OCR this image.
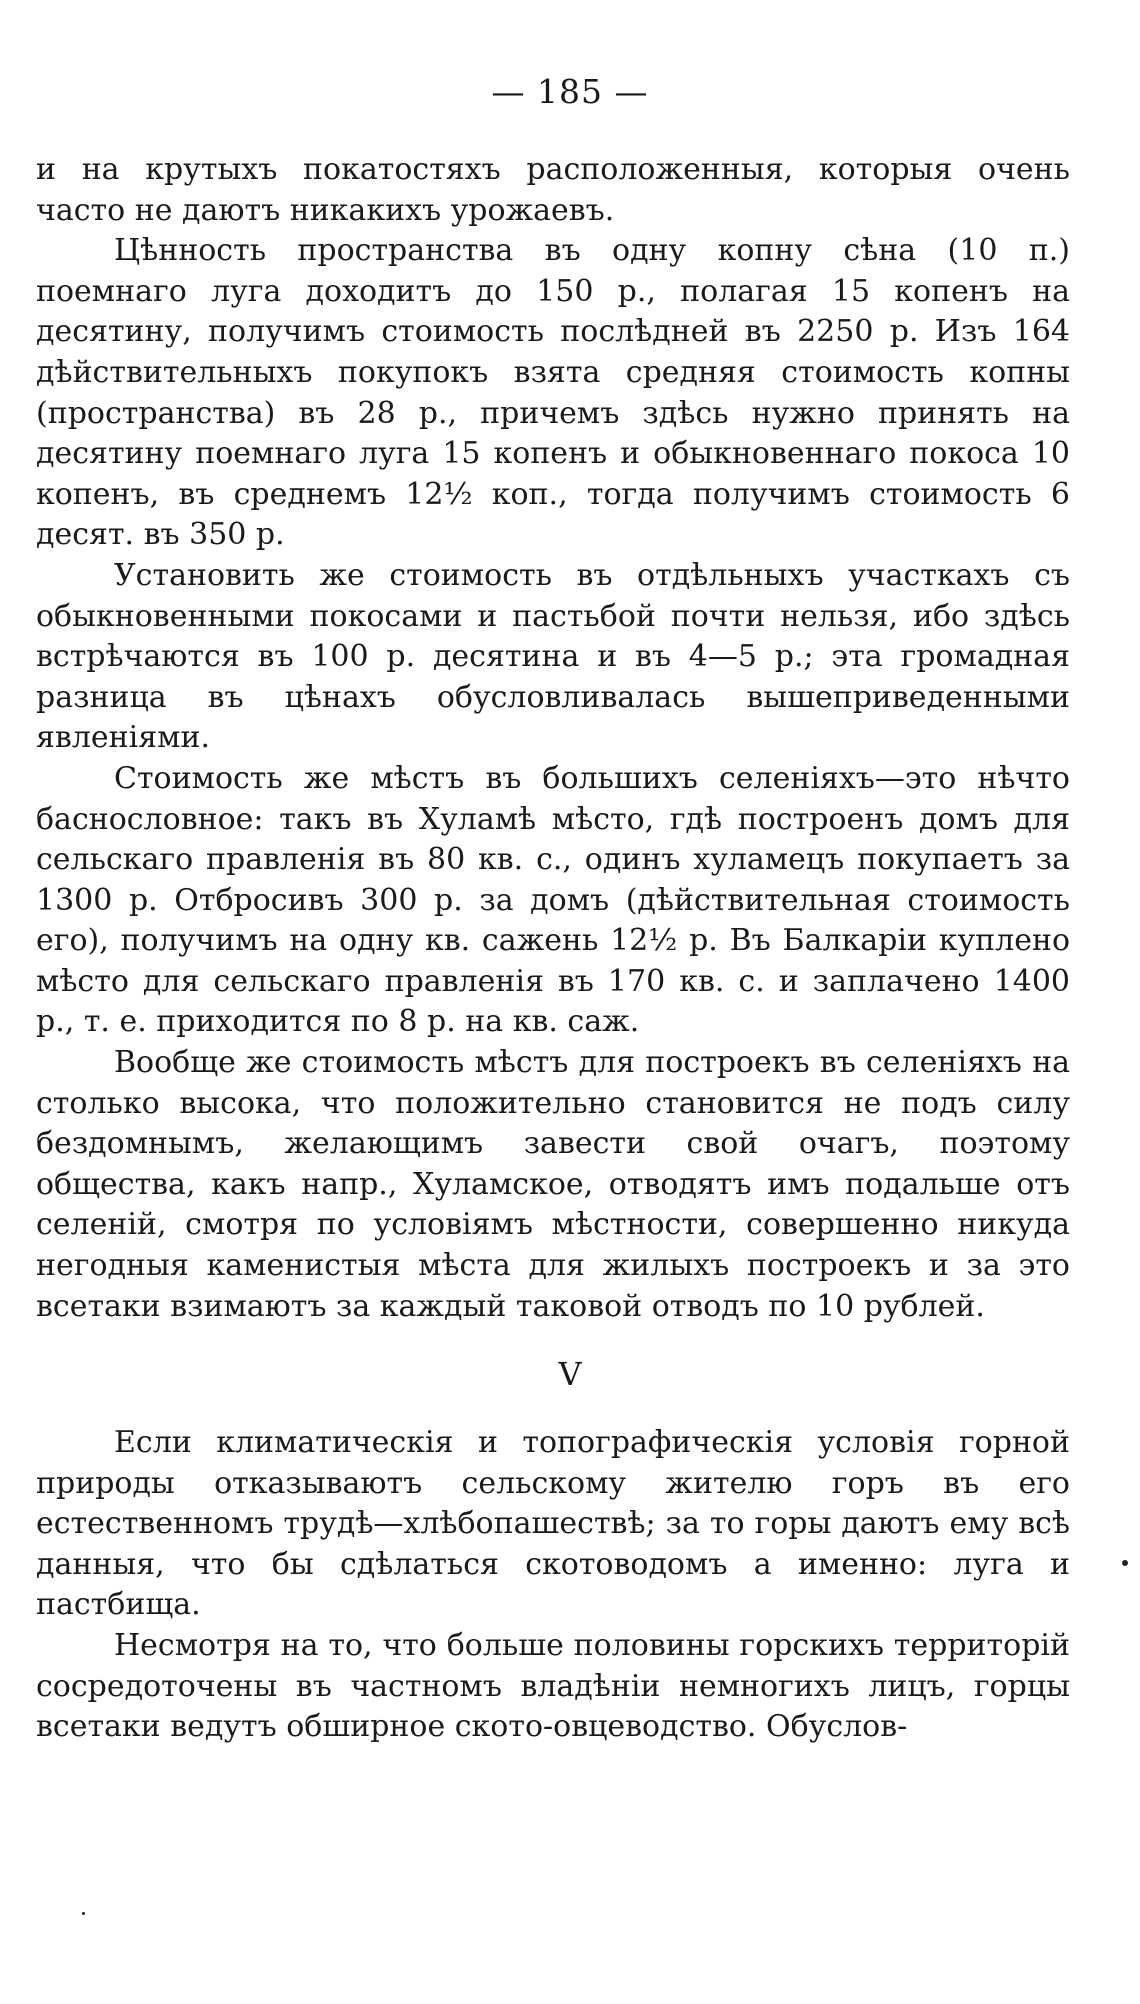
— 185 —

и на крутыхъ покатостяхъ расположенныя, которыя очень часто не даютъ никакихъ урожаевъ.

Цѣнность пространства въ одну копну сѣна (10 п.) поемнаго луга доходитъ до 150 р., полагая 15 копенъ на десятину, получимъ стоимость послѣдней въ 2250 р. Изъ 164 дѣйствительныхъ покупокъ взята средняя стоимость копны (пространства) въ 28 р., причемъ здѣсь нужно принять на десятину поемнаго луга 15 копенъ и обыкновеннаго покоса 10 копенъ, въ среднемъ 12½ коп., тогда получимъ стоимость 6 десят. въ 350 р.

Установить же стоимость въ отдѣльныхъ участкахъ съ обыкновенными покосами и пастьбой почти нельзя, ибо здѣсь встрѣчаются въ 100 р. десятина и въ 4—5 р.; эта громадная разница въ цѣнахъ обусловливалась вышеприведенными явленіями.

Стоимость же мѣстъ въ большихъ селеніяхъ—это нѣчто баснословное: такъ въ Хуламѣ мѣсто, гдѣ построенъ домъ для сельскаго правленія въ 80 кв. с., одинъ хуламецъ покупаетъ за 1300 р. Отбросивъ 300 р. за домъ (дѣйствительная стоимость его), получимъ на одну кв. сажень 12½ р. Въ Балкаріи куплено мѣсто для сельскаго правленія въ 170 кв. с. и заплачено 1400 р., т. е. приходится по 8 р. на кв. саж.

Вообще же стоимость мѣстъ для построекъ въ селеніяхъ на столько высока, что положительно становится не подъ силу бездомнымъ, желающимъ завести свой очагъ, поэтому общества, какъ напр., Хуламское, отводятъ имъ подальше отъ селеній, смотря по условіямъ мѣстности, совершенно никуда негодныя каменистыя мѣста для жилыхъ построекъ и за это всетаки взимаютъ за каждый таковой отводъ по 10 рублей.

V

Если климатическія и топографическія условія горной природы отказываютъ сельскому жителю горъ въ его естественномъ трудѣ—хлѣбопашествѣ; за то горы даютъ ему всѣ данныя, что бы сдѣлаться скотоводомъ а именно: луга и пастбища.

Несмотря на то, что больше половины горскихъ территорій сосредоточены въ частномъ владѣніи немногихъ лицъ, горцы всетаки ведутъ обширное ското-овцеводство. Обуслов-
